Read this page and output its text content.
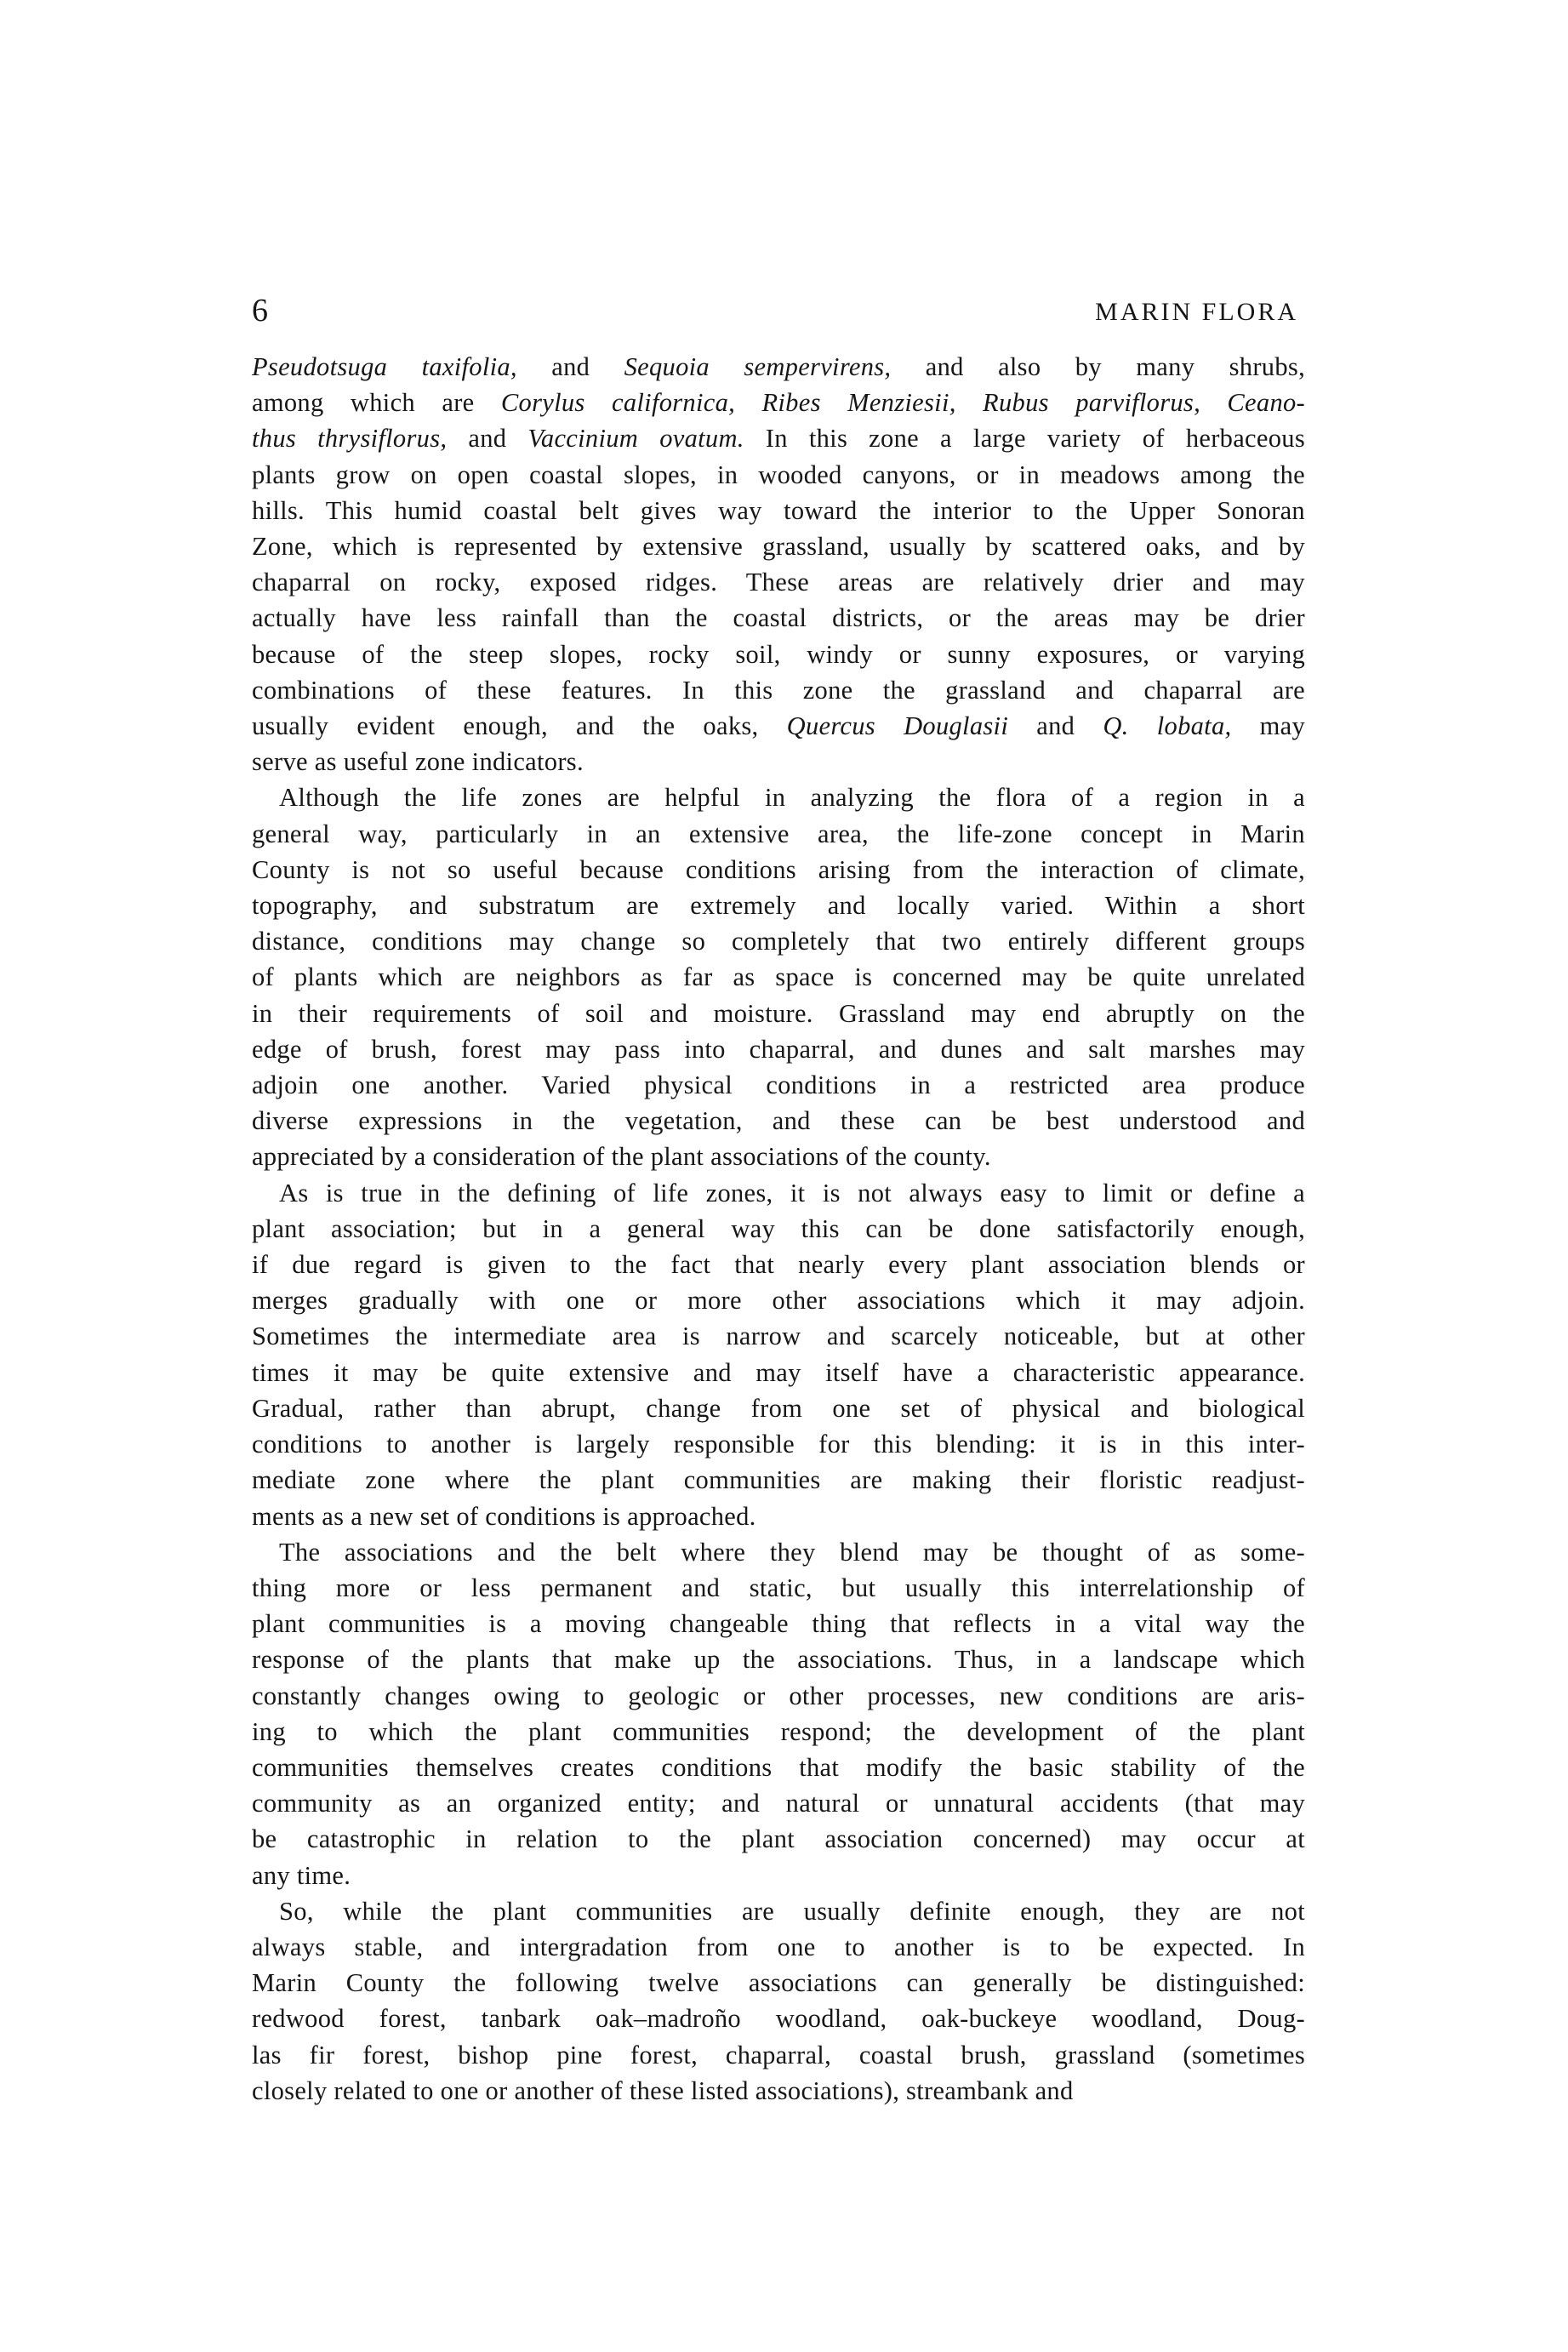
6	MARIN FLORA
Pseudotsuga taxifolia, and Sequoia sempervirens, and also by many shrubs,
among which are Corylus californica, Ribes Menziesii, Rubus parviflorus, Ceano-
thus thrysiflorus, and Vaccinium ovatum. In this zone a large variety of herbaceous
plants grow on open coastal slopes, in wooded canyons, or in meadows among the
hills. This humid coastal belt gives way toward the interior to the Upper Sonoran
Zone, which is represented by extensive grassland, usually by scattered oaks, and by
chaparral on rocky, exposed ridges. These areas are relatively drier and may
actually have less rainfall than the coastal districts, or the areas may be drier
because of the steep slopes, rocky soil, windy or sunny exposures, or varying
combinations of these features. In this zone the grassland and chaparral are
usually evident enough, and the oaks, Quercus Douglasii and Q. lobata, may
serve as useful zone indicators.
Although the life zones are helpful in analyzing the flora of a region in a
general way, particularly in an extensive area, the life-zone concept in Marin
County is not so useful because conditions arising from the interaction of climate,
topography, and substratum are extremely and locally varied. Within a short
distance, conditions may change so completely that two entirely different groups
of plants which are neighbors as far as space is concerned may be quite unrelated
in their requirements of soil and moisture. Grassland may end abruptly on the
edge of brush, forest may pass into chaparral, and dunes and salt marshes may
adjoin one another. Varied physical conditions in a restricted area produce
diverse expressions in the vegetation, and these can be best understood and
appreciated by a consideration of the plant associations of the county.
As is true in the defining of life zones, it is not always easy to limit or define a
plant association; but in a general way this can be done satisfactorily enough,
if due regard is given to the fact that nearly every plant association blends or
merges gradually with one or more other associations which it may adjoin.
Sometimes the intermediate area is narrow and scarcely noticeable, but at other
times it may be quite extensive and may itself have a characteristic appearance.
Gradual, rather than abrupt, change from one set of physical and biological
conditions to another is largely responsible for this blending: it is in this inter-
mediate zone where the plant communities are making their floristic readjust-
ments as a new set of conditions is approached.
The associations and the belt where they blend may be thought of as some-
thing more or less permanent and static, but usually this interrelationship of
plant communities is a moving changeable thing that reflects in a vital way the
response of the plants that make up the associations. Thus, in a landscape which
constantly changes owing to geologic or other processes, new conditions are aris-
ing to which the plant communities respond; the development of the plant
communities themselves creates conditions that modify the basic stability of the
community as an organized entity; and natural or unnatural accidents (that may
be catastrophic in relation to the plant association concerned) may occur at
any time.
So, while the plant communities are usually definite enough, they are not
always stable, and intergradation from one to another is to be expected. In
Marin County the following twelve associations can generally be distinguished:
redwood forest, tanbark oak–madroño woodland, oak-buckeye woodland, Doug-
las fir forest, bishop pine forest, chaparral, coastal brush, grassland (sometimes
closely related to one or another of these listed associations), streambank and
